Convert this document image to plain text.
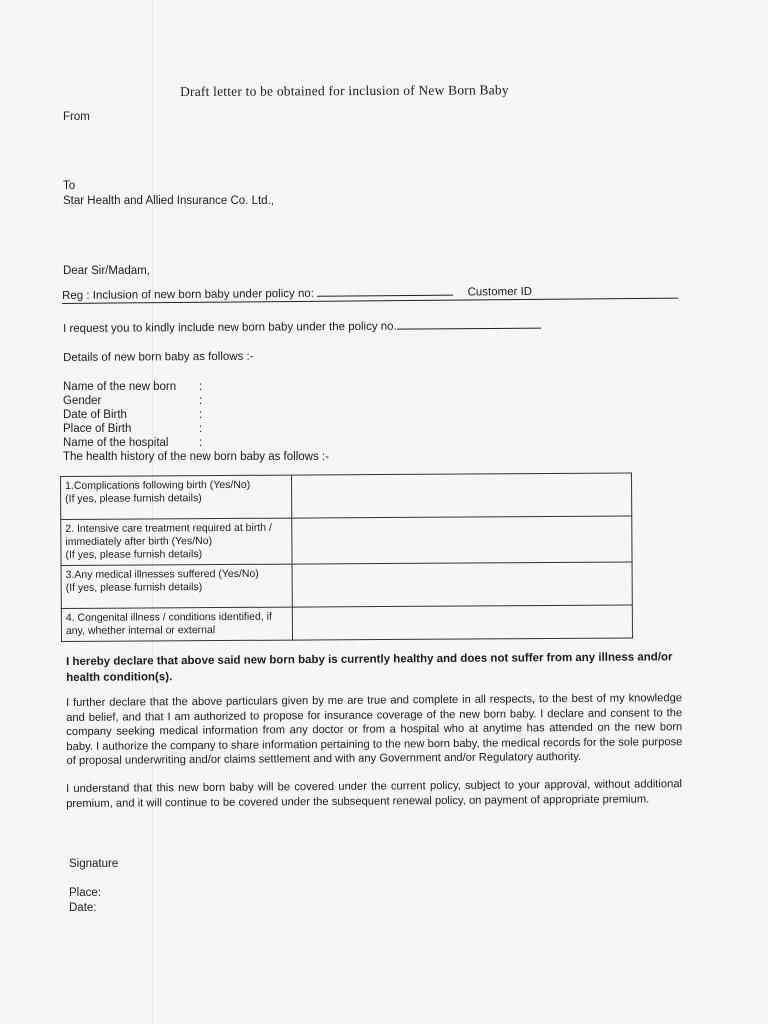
Draft letter to be obtained for inclusion of New Born Baby
From
To
Star Health and Allied Insurance Co. Ltd.,
Dear Sir/Madam,
Reg : Inclusion of new born baby under policy no:	Customer ID
I request you to kindly include new born baby under the policy no.
Details of new born baby as follows :-
Name of the new born :
Gender	:
Date of Birth	:
Place of Birth	:
Name of the hospital	:
The health history of the new born baby as follows :-
1.Complications following birth (Yes/No)
(If yes, please furnish details)	

2. Intensive care treatment required at birth /
immediately after birth (Yes/No)
(If yes, please furnish details)	

3.Any medical illnesses suffered (Yes/No)
(If yes, please furnish details)	

4. Congenital illness / conditions identified, if
any, whether internal or external	

I hereby declare that above said new born baby is currently healthy and does not suffer from any illness and/or health condition(s).
I further declare that the above particulars given by me are true and complete in all respects, to the best of my knowledge and belief, and that I am authorized to propose for insurance coverage of the new born baby. I declare and consent to the company seeking medical information from any doctor or from a hospital who at anytime has attended on the new born baby. I authorize the company to share information pertaining to the new born baby, the medical records for the sole purpose of proposal underwriting and/or claims settlement and with any Government and/or Regulatory authority.
I understand that this new born baby will be covered under the current policy, subject to your approval, without additional premium, and it will continue to be covered under the subsequent renewal policy, on payment of appropriate premium.
Signature
Place:
Date:
